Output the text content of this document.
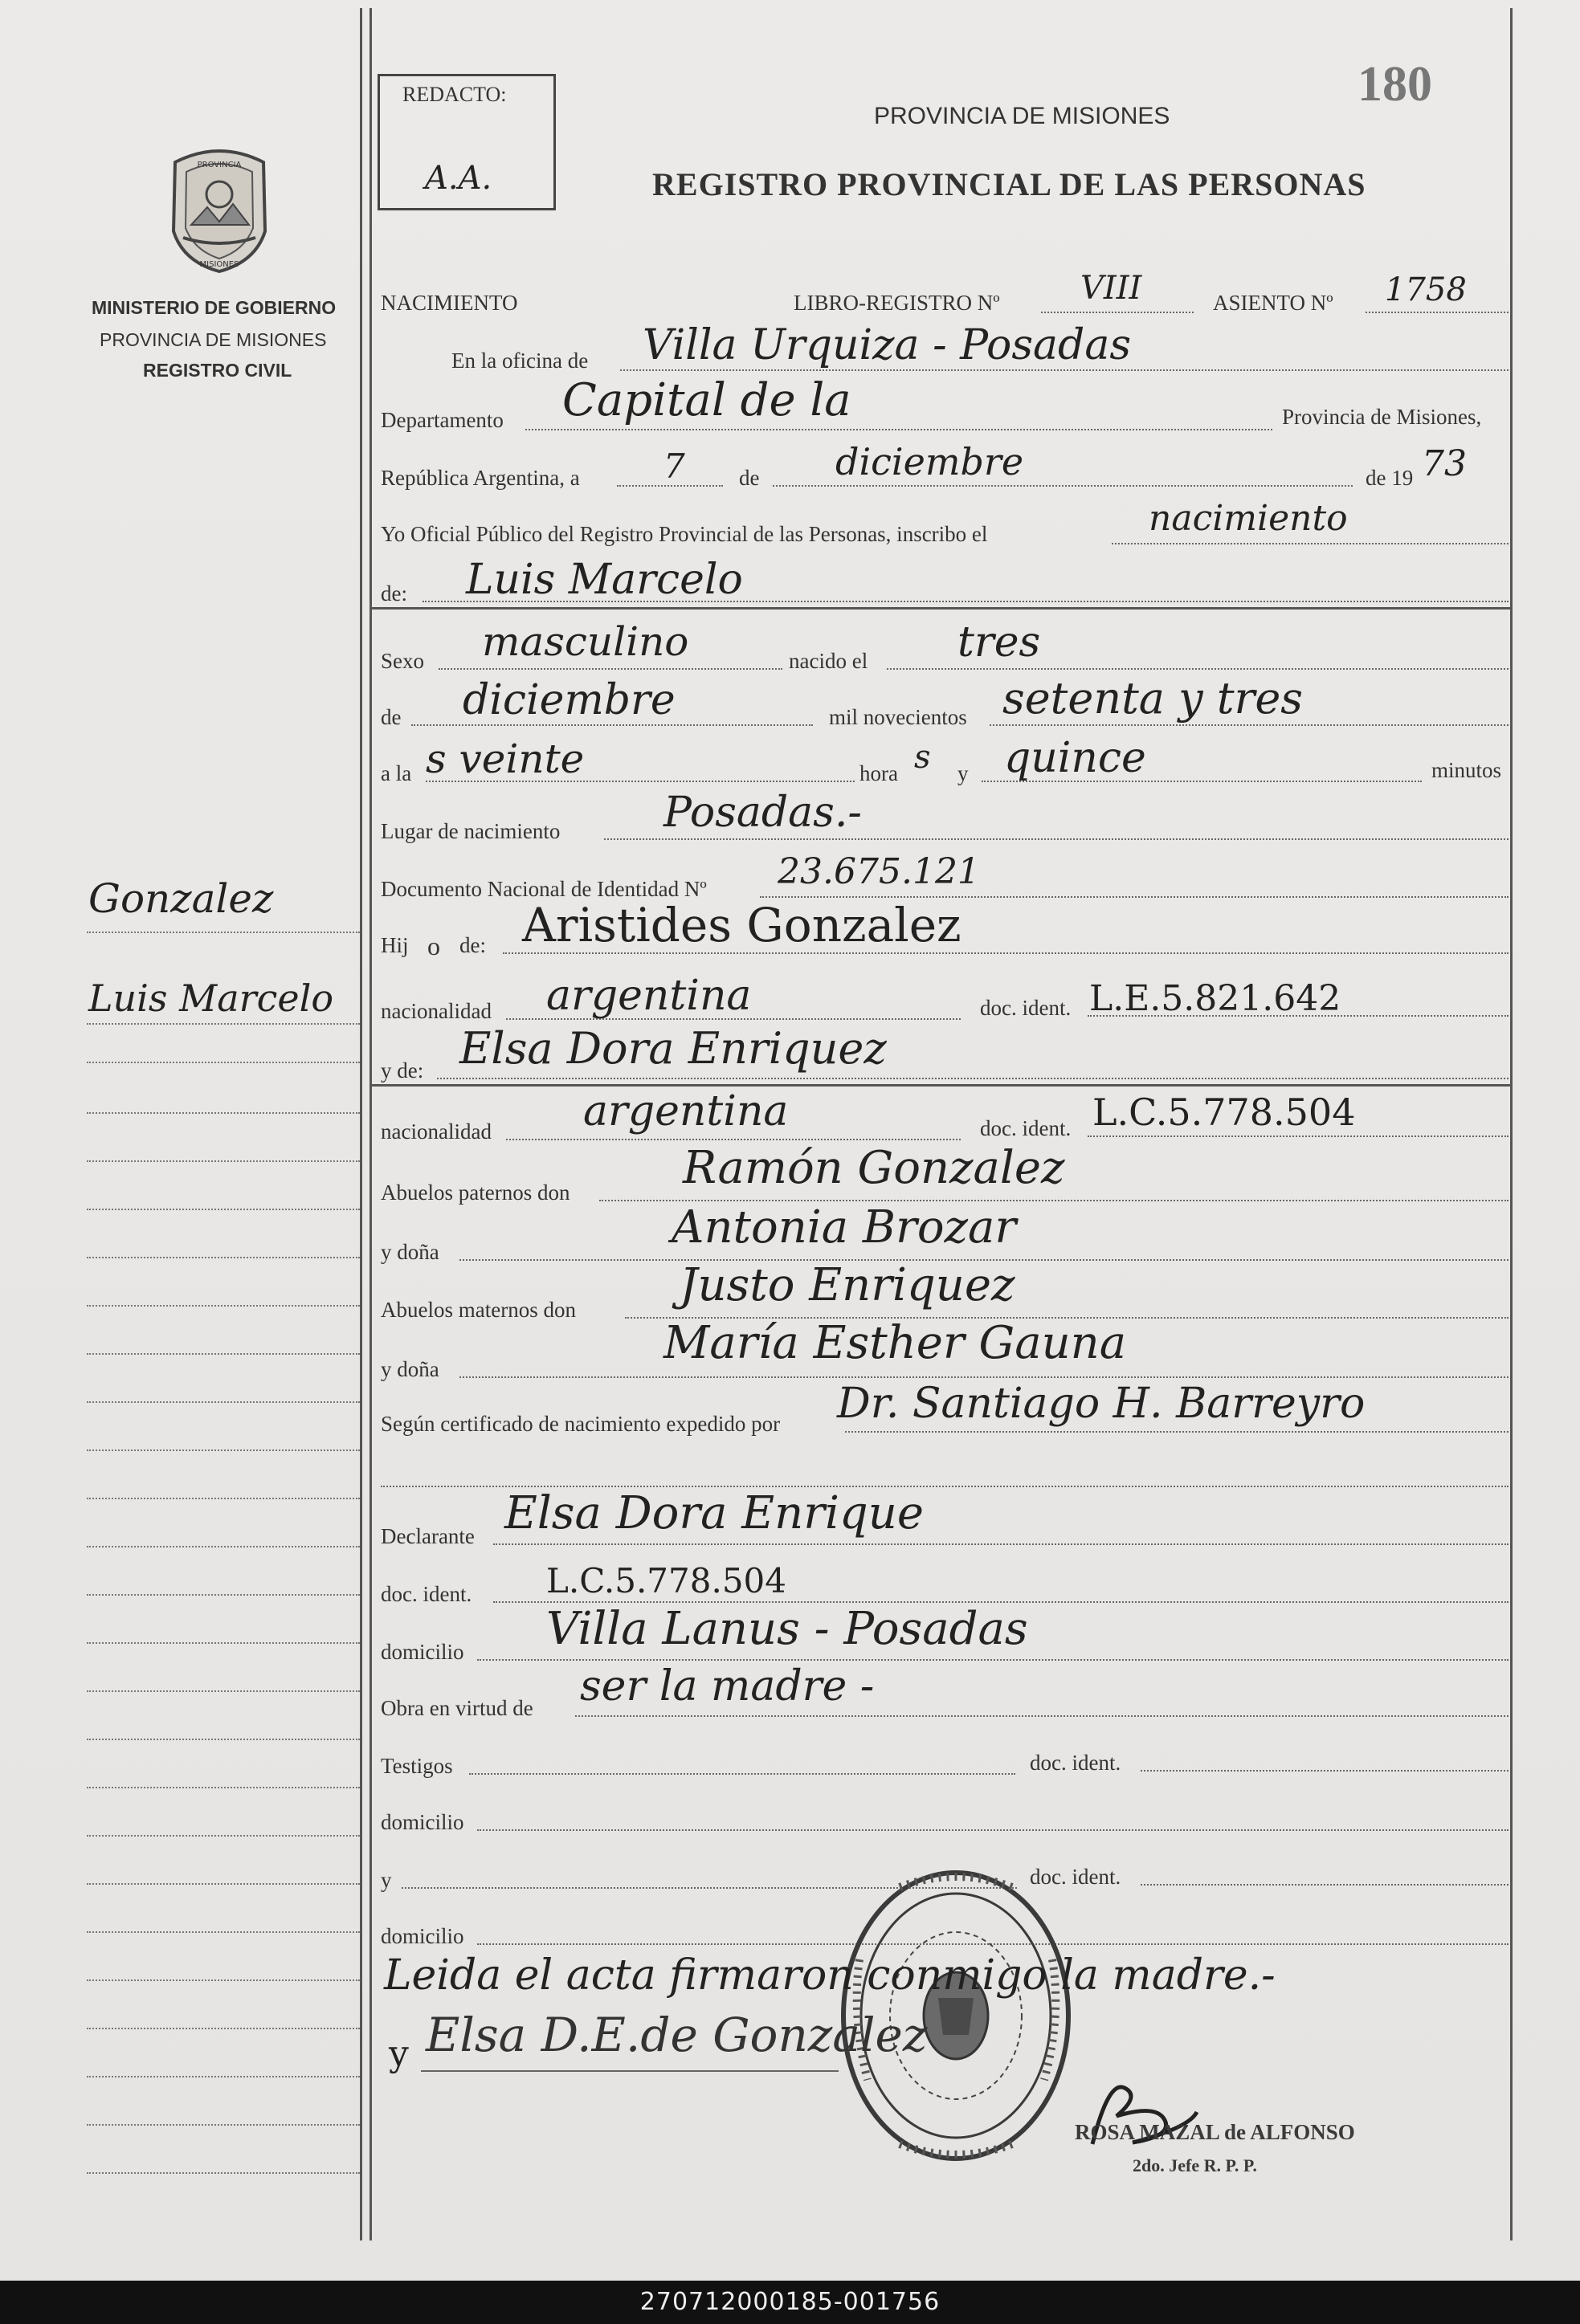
REDACTO:
A.A.
180
PROVINCIA DE MISIONES
REGISTRO PROVINCIAL DE LAS PERSONAS
PROVINCIA
MISIONES
MINISTERIO DE GOBIERNO
PROVINCIA DE MISIONES
REGISTRO CIVIL
Gonzalez
Luis Marcelo
NACIMIENTO	LIBRO-REGISTRO Nº	VIII	ASIENTO Nº 1758
En la oficina de Villa Urquiza - Posadas
Departamento Capital de la	Provincia de Misiones,
República Argentina, a 7 de diciembre	de 19 73
Yo Oficial Público del Registro Provincial de las Personas, inscribo el	nacimiento
de: Luis Marcelo
Sexo masculino	nacido el tres
de diciembre	mil novecientos setenta y tres
a la s veinte	hora s y quince	minutos
Lugar de nacimiento Posadas.-
Documento Nacional de Identidad Nº 23.675.121
Hij o de: Aristides Gonzalez
nacionalidad argentina	doc. ident. L.E.5.821.642
y de: Elsa Dora Enriquez
nacionalidad argentina	doc. ident. L.C.5.778.504
Abuelos paternos don	Ramón Gonzalez
y doña	Antonia Brozar
Abuelos maternos don Justo Enriquez
y doña	María Esther Gauna
Según certificado de nacimiento expedido por Dr. Santiago H. Barreyro
Declarante Elsa Dora Enrique
doc. ident. L.C.5.778.504
domicilio Villa Lanus - Posadas
Obra en virtud de ser la madre -
Testigos	doc. ident.
domicilio
y	doc. ident.
domicilio
Leida el acta firmaron conmigo la madre.-
y Elsa D.E.de Gonzalez
ROSA MAZAL de ALFONSO
2do. Jefe R. P. P.
270712000185-001756
